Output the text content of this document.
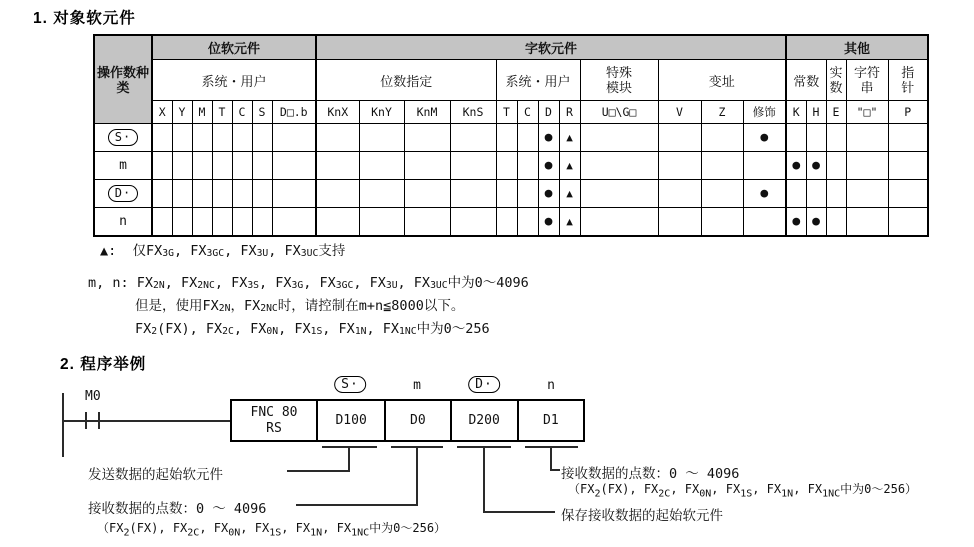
1. 对象软元件
操作数种类	位软元件							字软元件												其他				
	系统・用户							位数指定				系统・用户				特殊模块	变址			常数		实数	字符串	指针
	X	Y	M	T	C	S	D□.b	KnX	KnY	KnM	KnS	T	C	D	R	U□\G□	V	Z	修饰	K	H	E	"□"	P
S·														●	▲				●					
m														●	▲					●	●			
D·														●	▲				●					
n														●	▲					●	●			
▲:  仅$FX_{3G}$, $FX_{3GC}$, $FX_{3U}$, $FX_{3UC}$支持
m, n: $FX_{2N}$, $FX_{2NC}$, $FX_{3S}$, $FX_{3G}$, $FX_{3GC}$, $FX_{3U}$, $FX_{3UC}$中为0～4096
但是，使用$FX_{2N}$，$FX_{2NC}$时，请控制在m+n≦8000以下。
$FX_2(FX)$, $FX_{2C}$, $FX_{0N}$, $FX_{1S}$, $FX_{1N}$, $FX_{1NC}$中为0～256
2. 程序举例
M0
S·	m	D·	n
FNC 80
RS
D100	D0	D200	D1
发送数据的起始软元件
接收数据的点数：0 ～ 4096
（$FX_2(FX)$, $FX_{2C}$, $FX_{0N}$, $FX_{1S}$, $FX_{1N}$, $FX_{1NC}$中为0～256）
接收数据的点数：0 ～ 4096
（$FX_2(FX)$, $FX_{2C}$, $FX_{0N}$, $FX_{1S}$, $FX_{1N}$, $FX_{1NC}$中为0～256）
保存接收数据的起始软元件
